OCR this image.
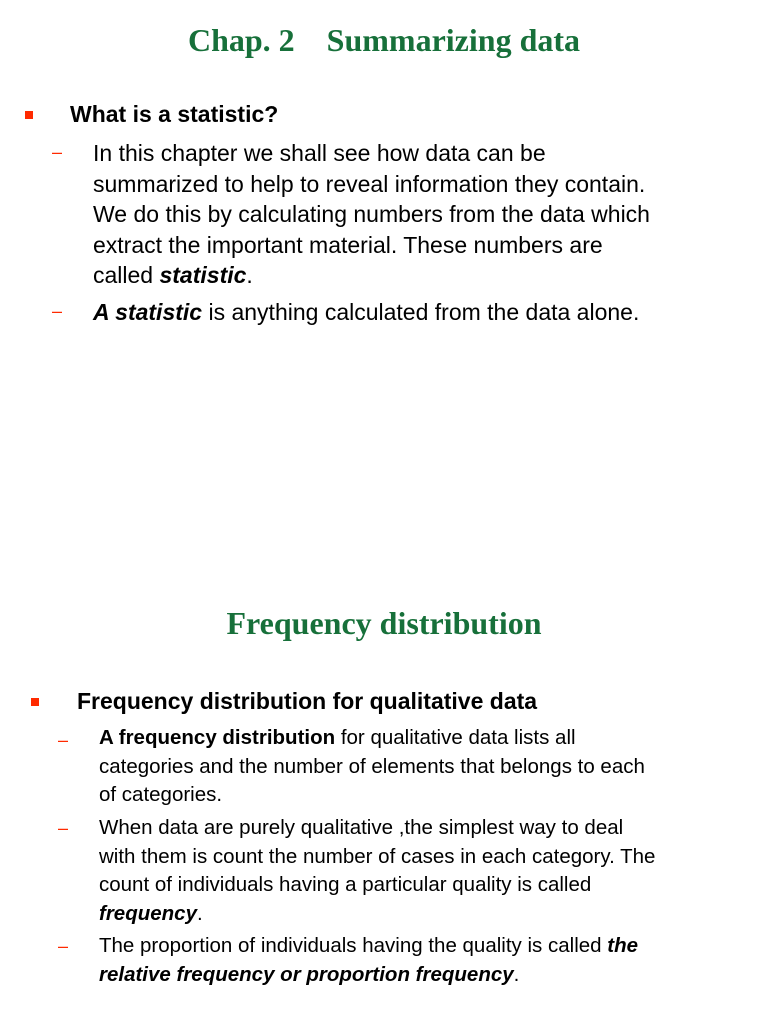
Chap. 2    Summarizing data

What is a statistic?

– In this chapter we shall see how data can be
summarized to help to reveal information they contain.
We do this by calculating numbers from the data which
extract the important material. These numbers are
called statistic.

– A statistic is anything calculated from the data alone.

Frequency distribution

Frequency distribution for qualitative data

– A frequency distribution for qualitative data lists all
categories and the number of elements that belongs to each
of categories.

– When data are purely qualitative ,the simplest way to deal
with them is count the number of cases in each category. The
count of individuals having a particular quality is called
frequency.

– The proportion of individuals having the quality is called the
relative frequency or proportion frequency.
